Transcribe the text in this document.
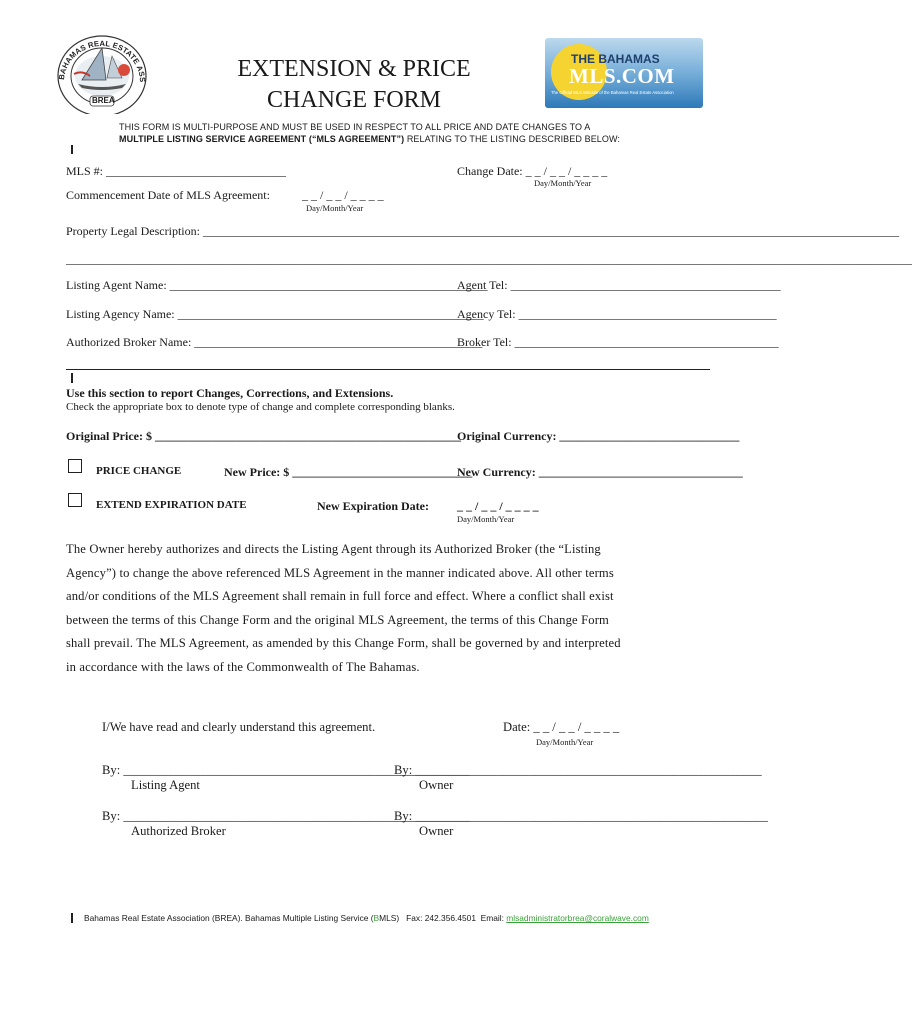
BAHAMAS REAL ESTATE ASS
BREA
EXTENSION & PRICE
CHANGE FORM
THE BAHAMAS
MLS.COM
The Official MLS Website of the Bahamas Real Estate Association
THIS FORM IS MULTI-PURPOSE AND MUST BE USED IN RESPECT TO ALL PRICE AND DATE CHANGES TO A
MULTIPLE LISTING SERVICE AGREEMENT (“MLS AGREEMENT”) RELATING TO THE LISTING DESCRIBED BELOW:
MLS #: ______________________________	Change Date: _ _ / _ _ / _ _ _ _
Day/Month/Year
Commencement Date of MLS Agreement:	_ _ / _ _ / _ _ _ _
Day/Month/Year
Property Legal Description: ____________________________________________________________________________________________________________________
_____________________________________________________________________________________________________________________________________________
Listing Agent Name: _____________________________________________________
Agent Tel: _____________________________________________
Listing Agency Name: ___________________________________________________
Agency Tel: ___________________________________________
Authorized Broker Name: ________________________________________________
Broker Tel: ____________________________________________
Use this section to report Changes, Corrections, and Extensions.
Check the appropriate box to denote type of change and complete corresponding blanks.
Original Price: $ ___________________________________________________
Original Currency: ______________________________
PRICE CHANGE	New Price: $ ______________________________
New Currency: __________________________________
EXTEND EXPIRATION DATE	New Expiration Date: _ _ / _ _ / _ _ _ _
Day/Month/Year

The Owner hereby authorizes and directs the Listing Agent through its Authorized Broker (the “Listing

Agency”) to change the above referenced MLS Agreement in the manner indicated above. All other terms

and/or conditions of the MLS Agreement shall remain in full force and effect. Where a conflict shall exist

between the terms of this Change Form and the original MLS Agreement, the terms of this Change Form

shall prevail. The MLS Agreement, as amended by this Change Form, shall be governed by and interpreted

in accordance with the laws of the Commonwealth of The Bahamas.

I/We have read and clearly understand this agreement.	Date: _ _ / _ _ / _ _ _ _
Day/Month/Year
By: _______________________________________________________
Listing Agent
By: _______________________________________________________
Owner
By: _______________________________________________________
Authorized Broker
By: ________________________________________________________
Owner
Bahamas Real Estate Association (BREA). Bahamas Multiple Listing Service (BMLS) Fax: 242.356.4501 Email: mlsadministratorbrea@coralwave.com
